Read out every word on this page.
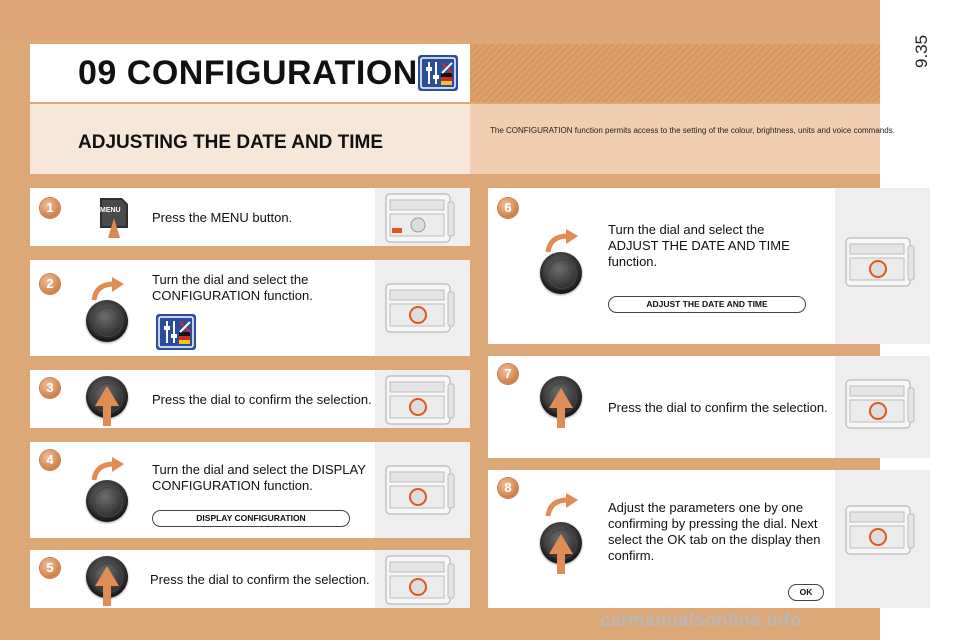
09 CONFIGURATION
ADJUSTING THE DATE AND TIME
The CONFIGURATION function permits access to the setting of the colour, brightness, units and voice commands.
MENU Press the MENU button.
1
Turn the dial and select the CONFIGURATION function.
2
Press the dial to confirm the selection.
3
Turn the dial and select the DISPLAY CONFIGURATION function.
DISPLAY CONFIGURATION
4
Press the dial to confirm the selection.
5
Turn the dial and select the ADJUST THE DATE AND TIME function.
ADJUST THE DATE AND TIME
6
Press the dial to confirm the selection.
7
Adjust the parameters one by one confirming by pressing the dial. Next select the OK tab on the display then confirm.
OK
8
carmanualsonline.info
9.35
